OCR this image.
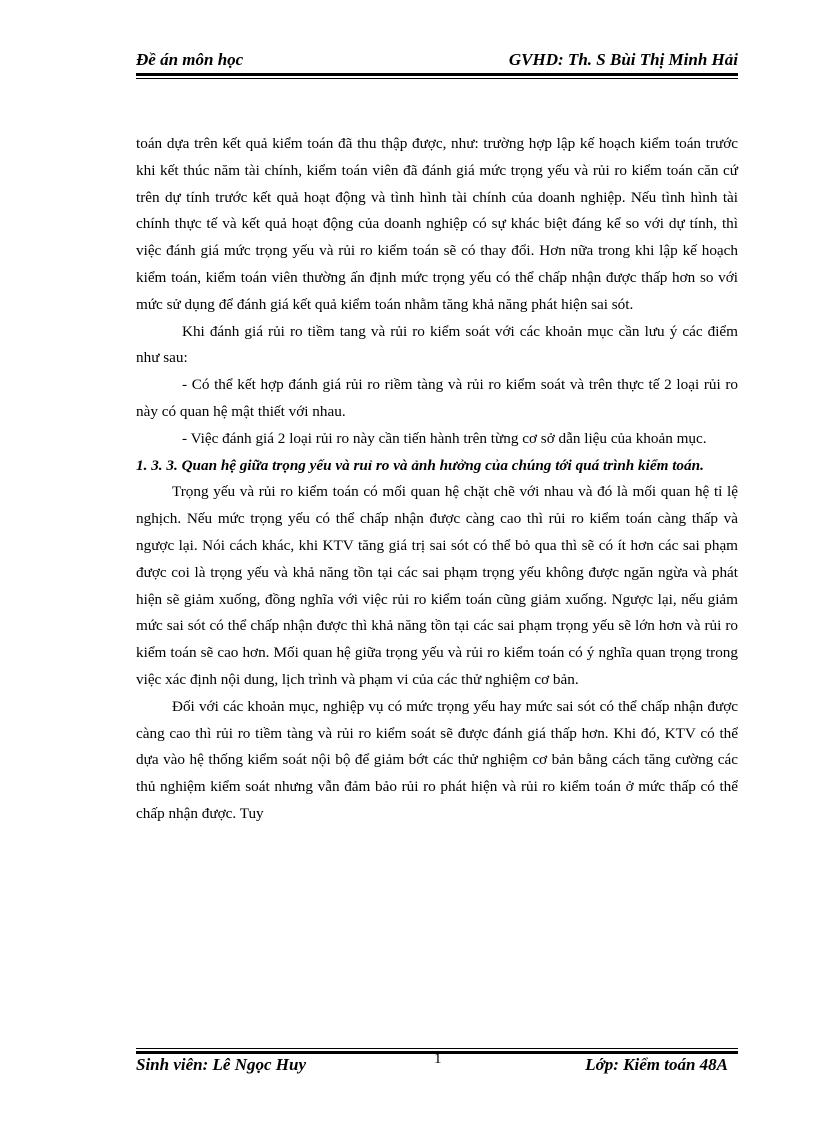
Đề án môn học	GVHD: Th. S Bùi Thị Minh Hải

toán dựa trên kết quả kiểm toán đã thu thập được, như: trường hợp lập kế hoạch kiểm toán trước khi kết thúc năm tài chính, kiểm toán viên đã đánh giá mức trọng yếu và rủi ro kiểm toán căn cứ trên dự tính trước kết quả hoạt động và tình hình tài chính của doanh nghiệp. Nếu tình hình tài chính thực tế và kết quả hoạt động của doanh nghiệp có sự khác biệt đáng kể so với dự tính, thì việc đánh giá mức trọng yếu và rủi ro kiểm toán sẽ có thay đổi. Hơn nữa trong khi lập kế hoạch kiểm toán, kiểm toán viên thường ấn định mức trọng yếu có thể chấp nhận được thấp hơn so với mức sử dụng để đánh giá kết quả kiểm toán nhằm tăng khả năng phát hiện sai sót.

Khi đánh giá rủi ro tiềm tang và rủi ro kiểm soát với các khoản mục cần lưu ý các điểm như sau:

- Có thể kết hợp đánh giá rủi ro riềm tàng và rủi ro kiểm soát và trên thực tế 2 loại rủi ro này có quan hệ mật thiết với nhau.

- Việc đánh giá 2 loại rủi ro này cần tiến hành trên từng cơ sở dẫn liệu của khoản mục.

1. 3. 3. Quan hệ giữa trọng yếu và ruỉ ro và ảnh hưởng của chúng tới quá trình kiểm toán.

Trọng yếu và rủi ro kiểm toán có mối quan hệ chặt chẽ với nhau và đó là mối quan hệ tỉ lệ nghịch. Nếu mức trọng yếu có thể chấp nhận được càng cao thì rủi ro kiểm toán càng thấp và ngược lại. Nói cách khác, khi KTV tăng giá trị sai sót có thể bỏ qua thì sẽ có ít hơn các sai phạm được coi là trọng yếu và khả năng tồn tại các sai phạm trọng yếu không được ngăn ngừa và phát hiện sẽ giảm xuống, đồng nghĩa với việc rủi ro kiểm toán cũng giảm xuống. Ngược lại, nếu giảm mức sai sót có thể chấp nhận được thì khả năng tồn tại các sai phạm trọng yếu sẽ lớn hơn và rủi ro kiểm toán sẽ cao hơn. Mối quan hệ giữa trọng yếu và rủi ro kiểm toán có ý nghĩa quan trọng trong việc xác định nội dung, lịch trình và phạm vi của các thử nghiệm cơ bản.

Đối với các khoản mục, nghiệp vụ có mức trọng yếu hay mức sai sót có thể chấp nhận được càng cao thì rủi ro tiềm tàng và rủi ro kiểm soát sẽ được đánh giá thấp hơn. Khi đó, KTV có thể dựa vào hệ thống kiểm soát nội bộ để giảm bớt các thử nghiệm cơ bản bằng cách tăng cường các thủ nghiệm kiểm soát nhưng vẫn đảm bảo rủi ro phát hiện và rủi ro kiểm toán ở mức thấp có thể chấp nhận được. Tuy

Sinh viên: Lê Ngọc Huy	1	Lớp: Kiểm toán 48A
